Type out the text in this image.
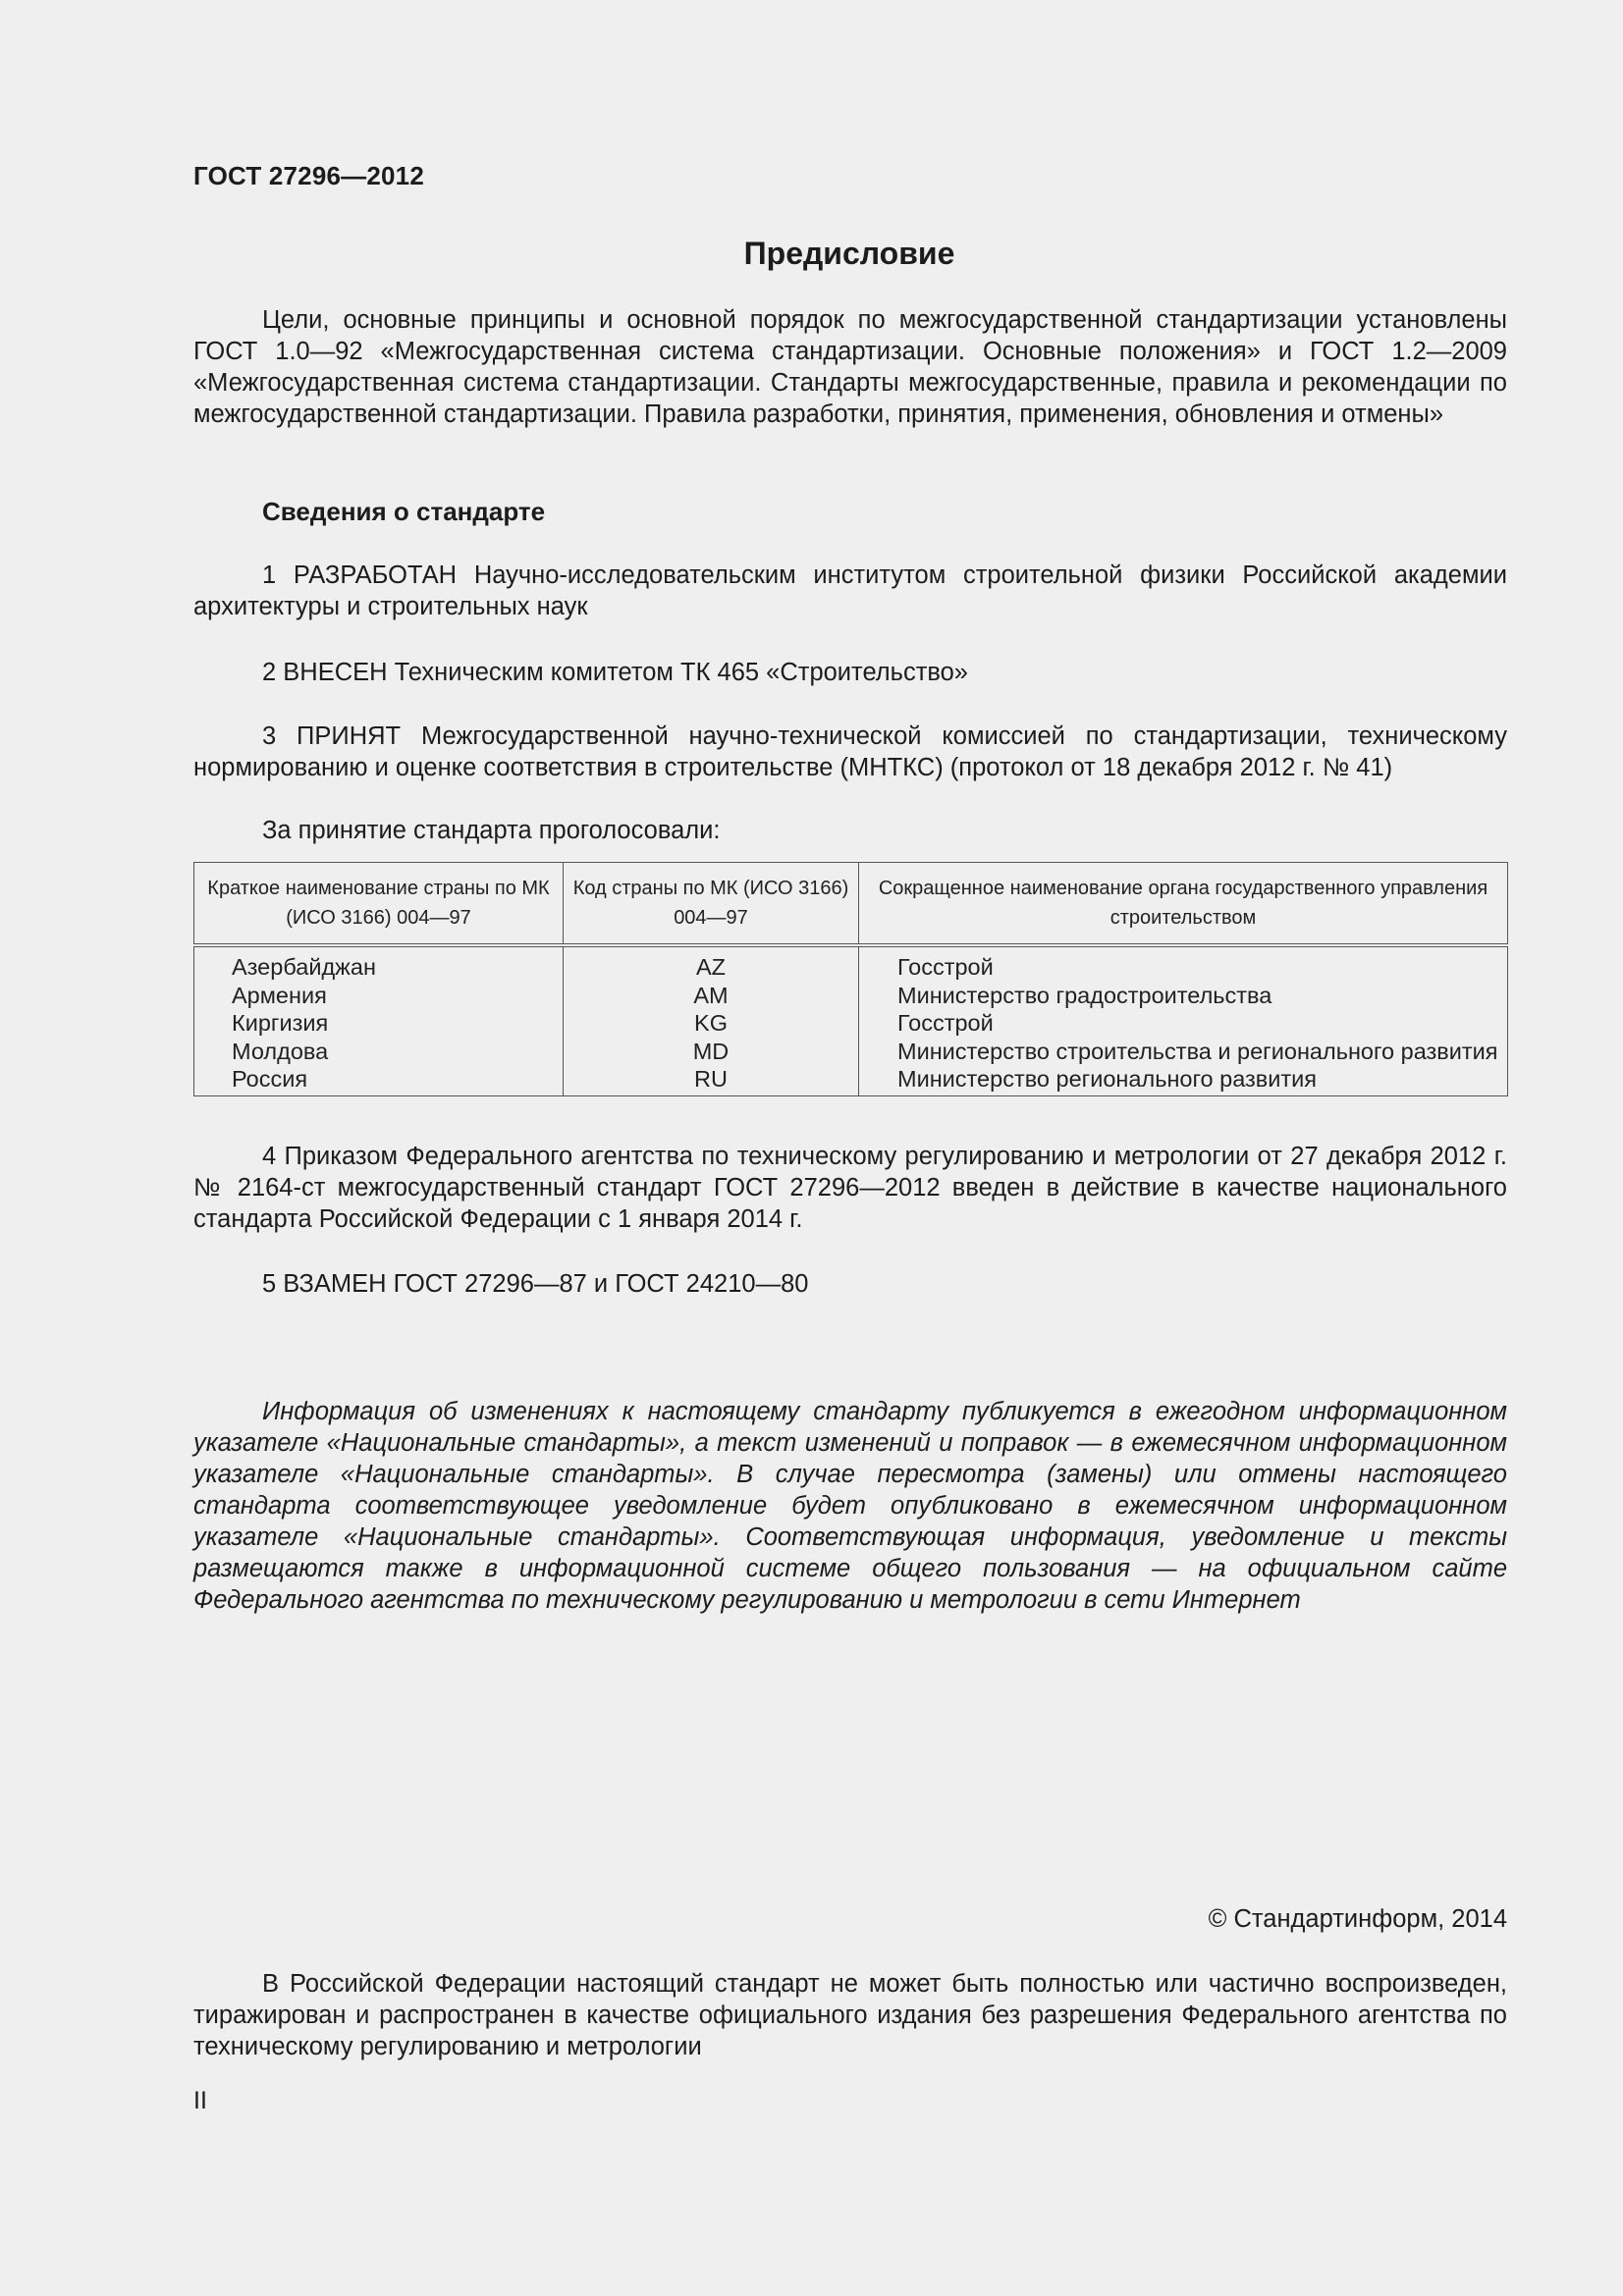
ГОСТ 27296—2012
Предисловие
Цели, основные принципы и основной порядок по межгосударственной стандартизации установлены ГОСТ 1.0—92 «Межгосударственная система стандартизации. Основные положения» и ГОСТ 1.2—2009 «Межгосударственная система стандартизации. Стандарты межгосударственные, правила и рекомендации по межгосударственной стандартизации. Правила разработки, принятия, применения, обновления и отмены»
Сведения о стандарте
1 РАЗРАБОТАН Научно-исследовательским институтом строительной физики Российской академии архитектуры и строительных наук
2 ВНЕСЕН Техническим комитетом ТК 465 «Строительство»
3 ПРИНЯТ Межгосударственной научно-технической комиссией по стандартизации, техническому нормированию и оценке соответствия в строительстве (МНТКС) (протокол от 18 декабря 2012 г. № 41)
За принятие стандарта проголосовали:
Краткое наименование страны по МК (ИСО 3166) 004—97	Код страны по МК (ИСО 3166) 004—97	Сокращенное наименование органа государственного управления строительством
Азербайджан	AZ	Госстрой
Армения	AM	Министерство градостроительства
Киргизия	KG	Госстрой
Молдова	MD	Министерство строительства и регионального развития
Россия	RU	Министерство регионального развития
4 Приказом Федерального агентства по техническому регулированию и метрологии от 27 декабря 2012 г. № 2164-ст межгосударственный стандарт ГОСТ 27296—2012 введен в действие в качестве национального стандарта Российской Федерации с 1 января 2014 г.
5 ВЗАМЕН ГОСТ 27296—87 и ГОСТ 24210—80
Информация об изменениях к настоящему стандарту публикуется в ежегодном информационном указателе «Национальные стандарты», а текст изменений и поправок — в ежемесячном информационном указателе «Национальные стандарты». В случае пересмотра (замены) или отмены настоящего стандарта соответствующее уведомление будет опубликовано в ежемесячном информационном указателе «Национальные стандарты». Соответствующая информация, уведомление и тексты размещаются также в информационной системе общего пользования — на официальном сайте Федерального агентства по техническому регулированию и метрологии в сети Интернет
© Стандартинформ, 2014
В Российской Федерации настоящий стандарт не может быть полностью или частично воспроизведен, тиражирован и распространен в качестве официального издания без разрешения Федерального агентства по техническому регулированию и метрологии
II
